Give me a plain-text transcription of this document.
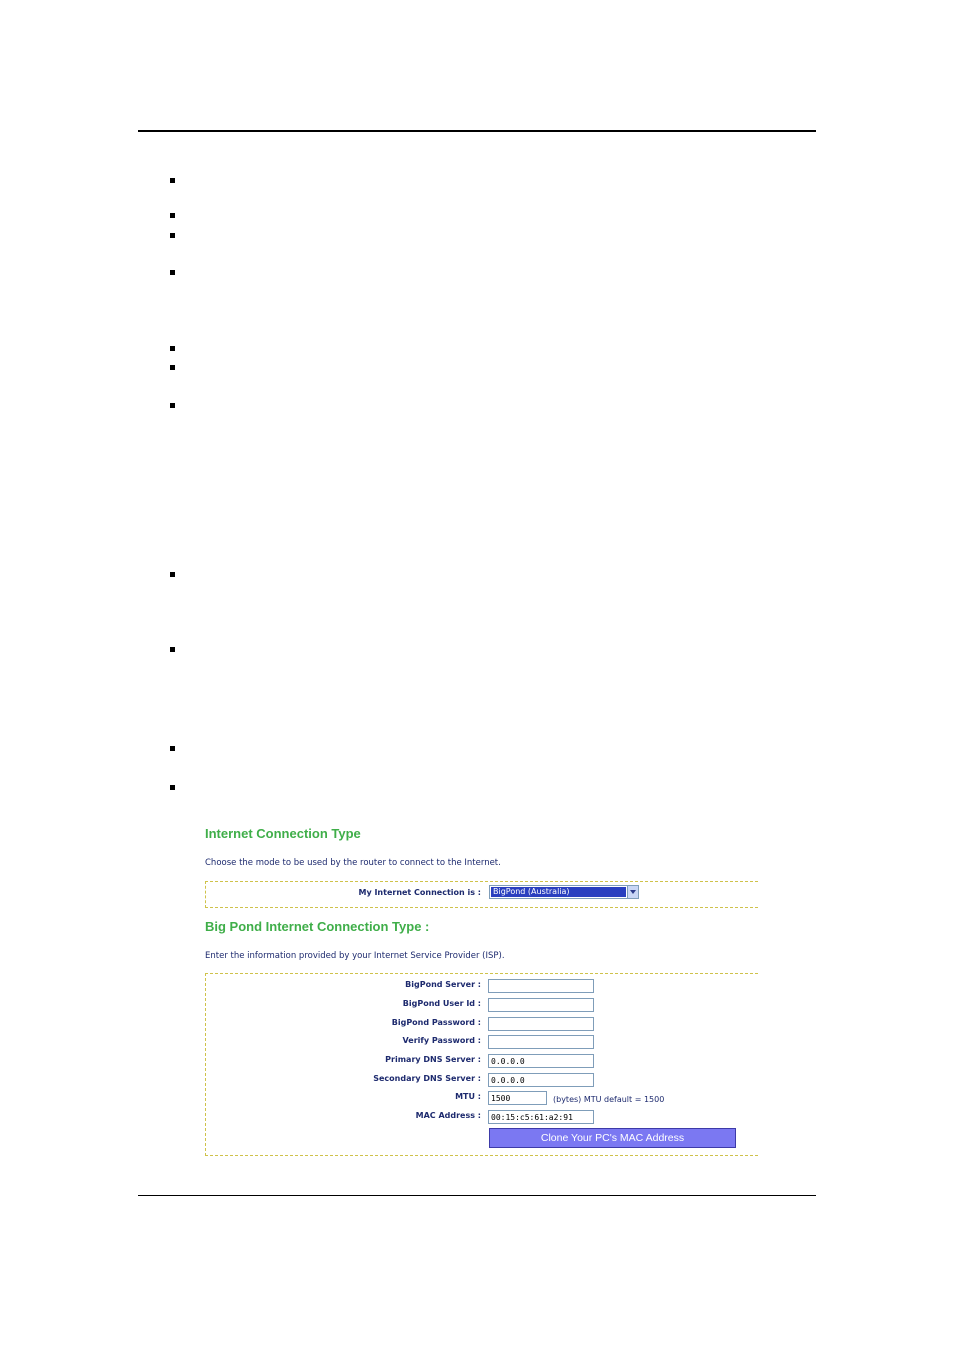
Internet Connection Type
Choose the mode to be used by the router to connect to the Internet.
My Internet Connection is : BigPond (Australia)
Big Pond Internet Connection Type :
Enter the information provided by your Internet Service Provider (ISP).
BigPond Server :
BigPond User Id :
BigPond Password :
Verify Password :
Primary DNS Server :	0.0.0.0
Secondary DNS Server :	0.0.0.0
MTU :	1500	(bytes) MTU default = 1500
MAC Address :	00:15:c5:61:a2:91
Clone Your PC's MAC Address
